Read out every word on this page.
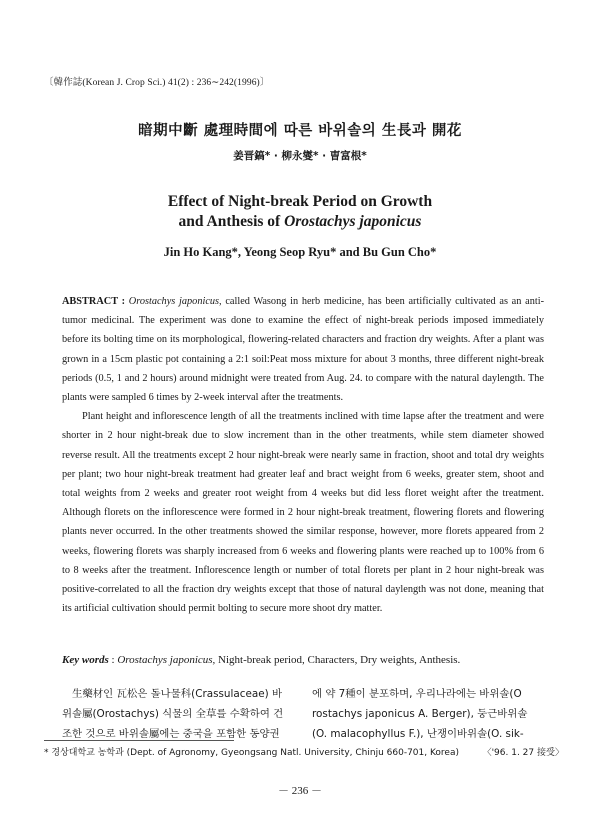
〔韓作誌(Korean J. Crop Sci.) 41(2) : 236∼242(1996)〕
暗期中斷 處理時間에 따른 바위솔의 生長과 開花
姜晋鎬* · 柳永燮* · 曺富根*
Effect of Night-break Period on Growth
and Anthesis of Orostachys japonicus
Jin Ho Kang*, Yeong Seop Ryu* and Bu Gun Cho*

ABSTRACT : Orostachys japonicus, called Wasong in herb medicine, has been artificially cultivated as an anti-tumor medicinal. The experiment was done to examine the effect of night-break periods imposed immediately before its bolting time on its morphological, flowering-related characters and fraction dry weights. After a plant was grown in a 15cm plastic pot containing a 2:1 soil:Peat moss mixture for about 3 months, three different night-break periods (0.5, 1 and 2 hours) around midnight were treated from Aug. 24. to compare with the natural daylength. The plants were sampled 6 times by 2-week interval after the treatments.

Plant height and inflorescence length of all the treatments inclined with time lapse after the treatment and were shorter in 2 hour night-break due to slow increment than in the other treatments, while stem diameter showed reverse result. All the treatments except 2 hour night-break were nearly same in fraction, shoot and total dry weights per plant; two hour night-break treatment had greater leaf and bract weight from 6 weeks, greater stem, shoot and total weights from 2 weeks and greater root weight from 4 weeks but did less floret weight after the treatment. Although florets on the inflorescence were formed in 2 hour night-break treatment, flowering florets and flowering plants never occurred. In the other treatments showed the similar response, however, more florets appeared from 2 weeks, flowering florets was sharply increased from 6 weeks and flowering plants were reached up to 100% from 6 to 8 weeks after the treatment. Inflorescence length or number of total florets per plant in 2 hour night-break was positive-correlated to all the fraction dry weights except that those of natural daylength was not done, meaning that its artificial cultivation should permit bolting to secure more shoot dry matter.

Key words : Orostachys japonicus, Night-break period, Characters, Dry weights, Anthesis.
生藥材인 瓦松은 돌나물科(Crassulaceae) 바
위솔屬(Orostachys) 식물의 全草를 수확하여 건
조한 것으로 바위솔屬에는 중국을 포함한 동양권
에 약 7種이 분포하며, 우리나라에는 바위솔(O
rostachys japonicus A. Berger), 둥근바위솔
(O. malacophyllus F.), 난쟁이바위솔(O. sik-
* 경상대학교 농학과 (Dept. of Agronomy, Gyeongsang Natl. University, Chinju 660-701, Korea)	〈'96. 1. 27 接受〉
－ 236 －
